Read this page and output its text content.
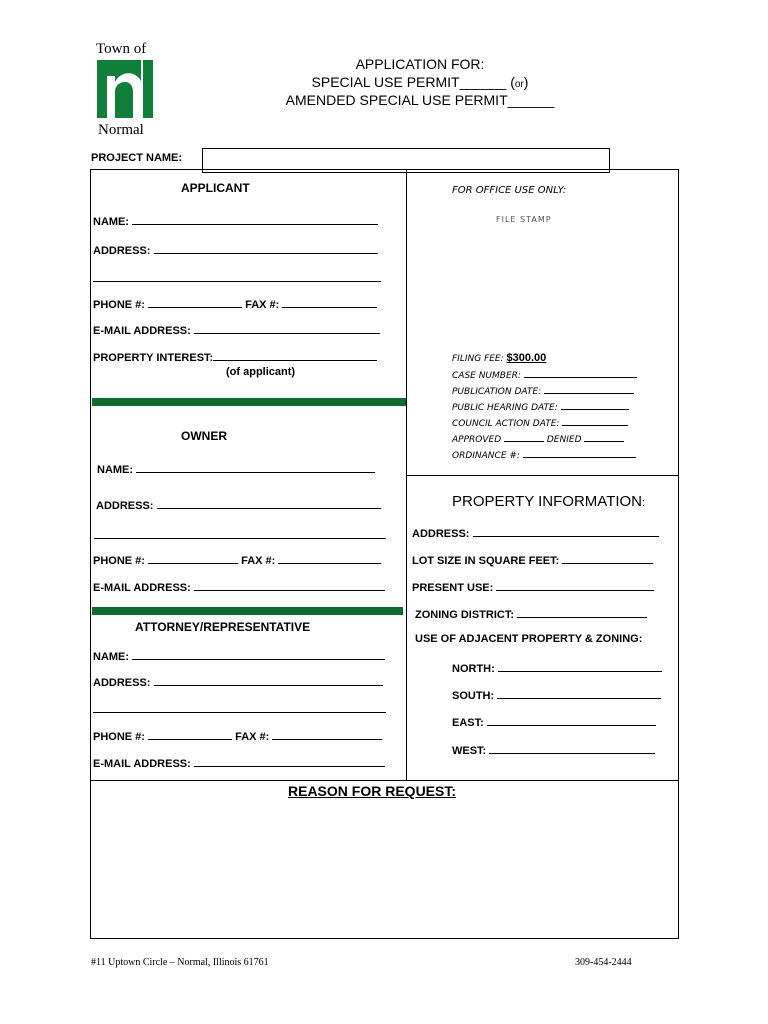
Town of
Normal
APPLICATION FOR:
SPECIAL USE PERMIT______ (or)
AMENDED SPECIAL USE PERMIT______
PROJECT NAME:
APPLICANT
NAME:
ADDRESS:
PHONE #:	FAX #:
E-MAIL ADDRESS:
PROPERTY INTEREST:
(of applicant)
OWNER
NAME:
ADDRESS:
PHONE #:	FAX #:
E-MAIL ADDRESS:
ATTORNEY/REPRESENTATIVE
NAME:
ADDRESS:
PHONE #:	FAX #:
E-MAIL ADDRESS:
FOR OFFICE USE ONLY:
FILE STAMP
FILING FEE: $300.00
CASE NUMBER:
PUBLICATION DATE:
PUBLIC HEARING DATE:
COUNCIL ACTION DATE:
APPROVED	DENIED
ORDINANCE #:
PROPERTY INFORMATION:
ADDRESS:
LOT SIZE IN SQUARE FEET:
PRESENT USE:
ZONING DISTRICT:
USE OF ADJACENT PROPERTY & ZONING:
NORTH:
SOUTH:
EAST:
WEST:
REASON FOR REQUEST:
#11 Uptown Circle – Normal, Illinois 61761	309-454-2444
